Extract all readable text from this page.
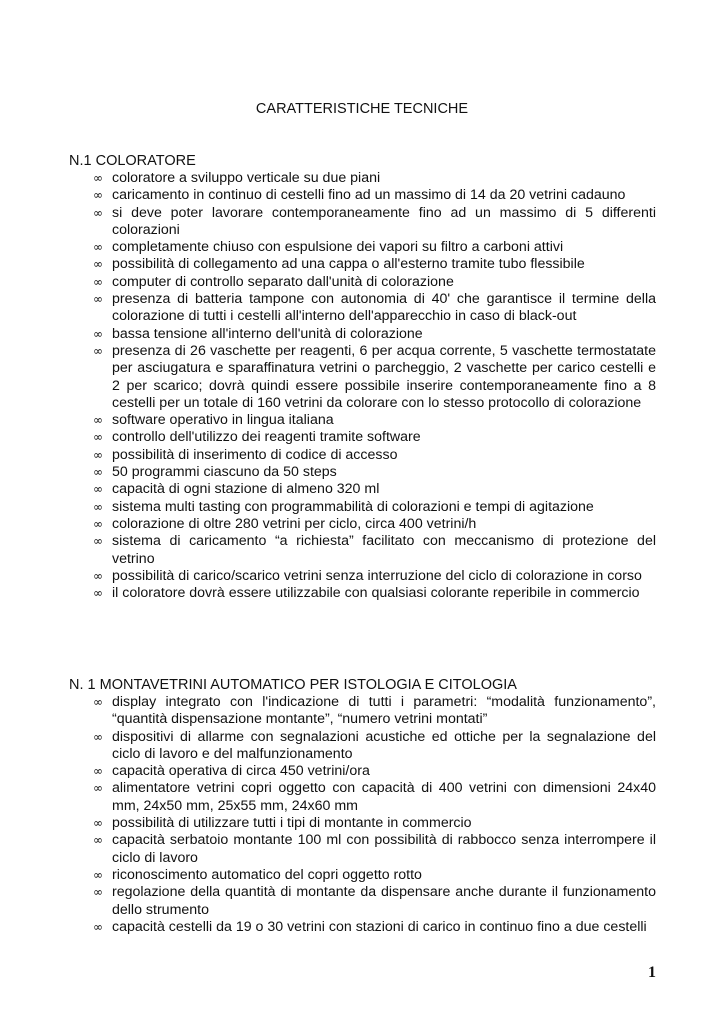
CARATTERISTICHE TECNICHE
N.1 COLORATORE
∞ coloratore a sviluppo verticale su due piani
∞ caricamento in continuo di cestelli fino ad un massimo di 14 da 20 vetrini cadauno
∞ si deve poter lavorare contemporaneamente fino ad un massimo di 5 differenti colorazioni
∞ completamente chiuso con espulsione dei vapori su filtro a carboni attivi
∞ possibilità di collegamento ad una cappa o all'esterno tramite tubo flessibile
∞ computer di controllo separato dall'unità di colorazione
∞ presenza di batteria tampone con autonomia di 40' che garantisce il termine della colorazione di tutti i cestelli all'interno dell'apparecchio in caso di black-out
∞ bassa tensione all'interno dell'unità di colorazione
∞ presenza di 26 vaschette per reagenti, 6 per acqua corrente, 5 vaschette termostatate per asciugatura e sparaffinatura vetrini o parcheggio, 2 vaschette per carico cestelli e 2 per scarico; dovrà quindi essere possibile inserire contemporaneamente fino a 8 cestelli per un totale di 160 vetrini da colorare con lo stesso protocollo di colorazione
∞ software operativo in lingua italiana
∞ controllo dell'utilizzo dei reagenti tramite software
∞ possibilità di inserimento di codice di accesso
∞ 50 programmi ciascuno da 50 steps
∞ capacità di ogni stazione di almeno 320 ml
∞ sistema multi tasting con programmabilità di colorazioni e tempi di agitazione
∞ colorazione di oltre 280 vetrini per ciclo, circa 400 vetrini/h
∞ sistema di caricamento “a richiesta” facilitato con meccanismo di protezione del vetrino
∞ possibilità di carico/scarico vetrini senza interruzione del ciclo di colorazione in corso
∞ il coloratore dovrà essere utilizzabile con qualsiasi colorante reperibile in commercio
N. 1 MONTAVETRINI AUTOMATICO PER ISTOLOGIA E CITOLOGIA
∞ display integrato con l'indicazione di tutti i parametri: “modalità funzionamento”, “quantità dispensazione montante”, “numero vetrini montati”
∞ dispositivi di allarme con segnalazioni acustiche ed ottiche per la segnalazione del ciclo di lavoro e del malfunzionamento
∞ capacità operativa di circa 450 vetrini/ora
∞ alimentatore vetrini copri oggetto con capacità di 400 vetrini con dimensioni 24x40 mm, 24x50 mm, 25x55 mm, 24x60 mm
∞ possibilità di utilizzare tutti i tipi di montante in commercio
∞ capacità serbatoio montante 100 ml con possibilità di rabbocco senza interrompere il ciclo di lavoro
∞ riconoscimento automatico del copri oggetto rotto
∞ regolazione della quantità di montante da dispensare anche durante il funzionamento dello strumento
∞ capacità cestelli da 19 o 30 vetrini con stazioni di carico in continuo fino a due cestelli
1
